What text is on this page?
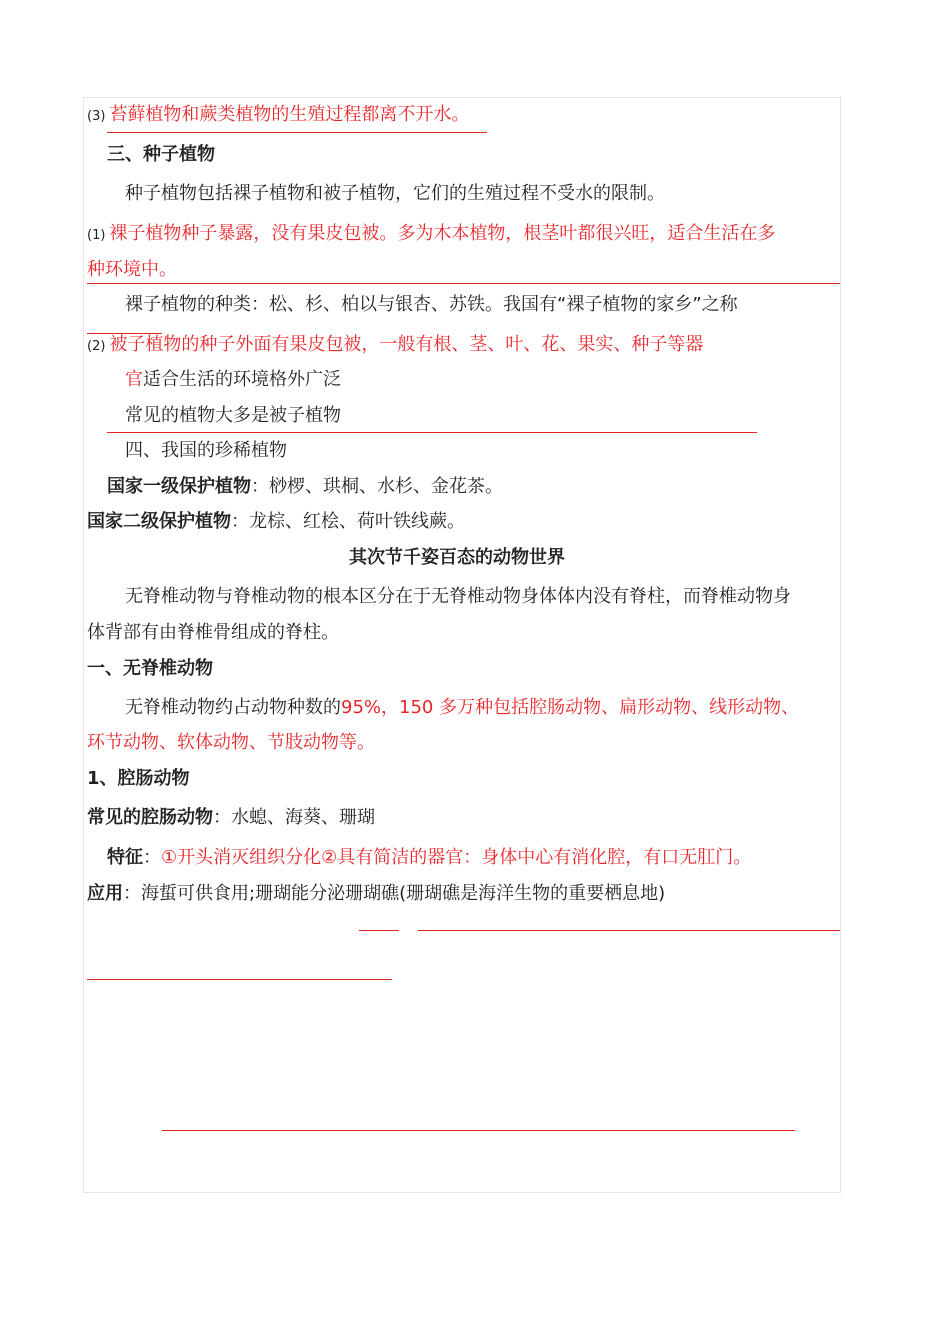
(3) 苔藓植物和蕨类植物的生殖过程都离不开水。
三、种子植物
种子植物包括裸子植物和被子植物，它们的生殖过程不受水的限制。
(1) 裸子植物种子暴露，没有果皮包被。多为木本植物，根茎叶都很兴旺，适合生活在多
种环境中。
裸子植物的种类：松、杉、柏以与银杏、苏铁。我国有“裸子植物的家乡”之称
(2) 被子植物的种子外面有果皮包被，一般有根、茎、叶、花、果实、种子等器
官适合生活的环境格外广泛
常见的植物大多是被子植物
四、我国的珍稀植物
国家一级保护植物：桫椤、珙桐、水杉、金花茶。
国家二级保护植物：龙棕、红桧、荷叶铁线蕨。
其次节千姿百态的动物世界
无脊椎动物与脊椎动物的根本区分在于无脊椎动物身体体内没有脊柱，而脊椎动物身
体背部有由脊椎骨组成的脊柱。
一、无脊椎动物
无脊椎动物约占动物种数的95%，150 多万种包括腔肠动物、扁形动物、线形动物、
环节动物、软体动物、节肢动物等。
1、腔肠动物
常见的腔肠动物：水螅、海葵、珊瑚
特征：①开头消灭组织分化②具有简洁的器官：身体中心有消化腔，有口无肛门。
应用：海蜇可供食用;珊瑚能分泌珊瑚礁(珊瑚礁是海洋生物的重要栖息地)
